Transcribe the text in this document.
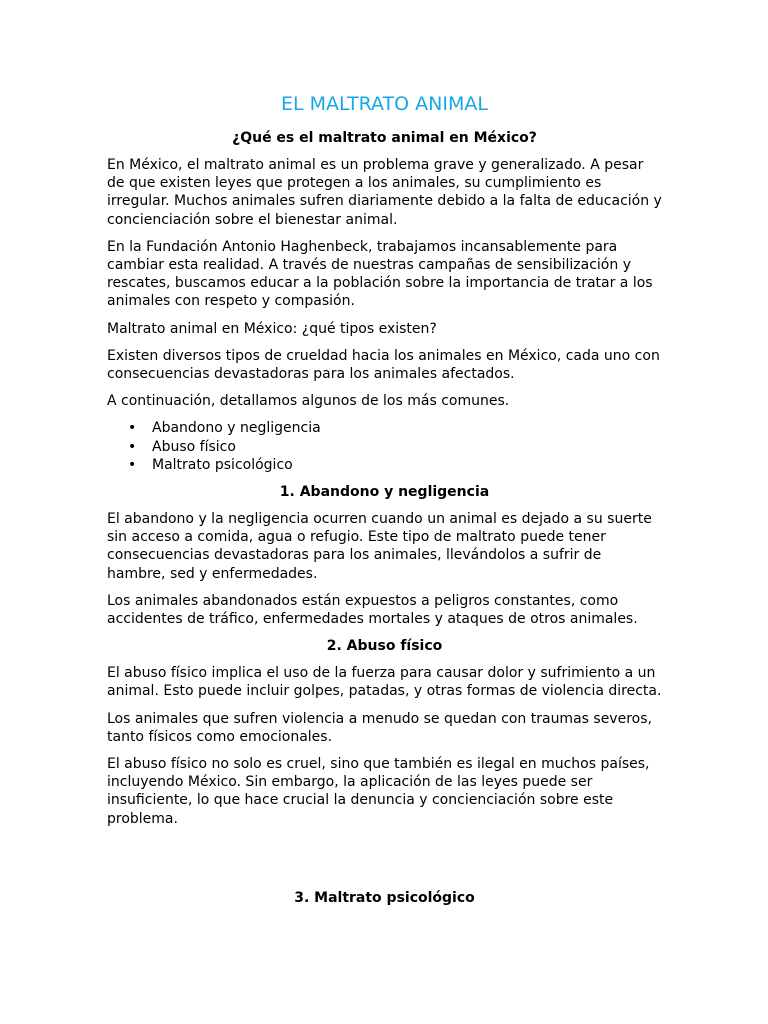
EL MALTRATO ANIMAL
¿Qué es el maltrato animal en México?

En México, el maltrato animal es un problema grave y generalizado. A pesar de que existen leyes que protegen a los animales, su cumplimiento es irregular. Muchos animales sufren diariamente debido a la falta de educación y concienciación sobre el bienestar animal.

En la Fundación Antonio Haghenbeck, trabajamos incansablemente para cambiar esta realidad. A través de nuestras campañas de sensibilización y rescates, buscamos educar a la población sobre la importancia de tratar a los animales con respeto y compasión.

Maltrato animal en México: ¿qué tipos existen?

Existen diversos tipos de crueldad hacia los animales en México, cada uno con consecuencias devastadoras para los animales afectados.

A continuación, detallamos algunos de los más comunes.

• Abandono y negligencia
• Abuso físico
• Maltrato psicológico
1. Abandono y negligencia

El abandono y la negligencia ocurren cuando un animal es dejado a su suerte sin acceso a comida, agua o refugio. Este tipo de maltrato puede tener consecuencias devastadoras para los animales, llevándolos a sufrir de hambre, sed y enfermedades.

Los animales abandonados están expuestos a peligros constantes, como accidentes de tráfico, enfermedades mortales y ataques de otros animales.

2. Abuso físico

El abuso físico implica el uso de la fuerza para causar dolor y sufrimiento a un animal. Esto puede incluir golpes, patadas, y otras formas de violencia directa.

Los animales que sufren violencia a menudo se quedan con traumas severos, tanto físicos como emocionales.

El abuso físico no solo es cruel, sino que también es ilegal en muchos países, incluyendo México. Sin embargo, la aplicación de las leyes puede ser insuficiente, lo que hace crucial la denuncia y concienciación sobre este problema.

3. Maltrato psicológico
